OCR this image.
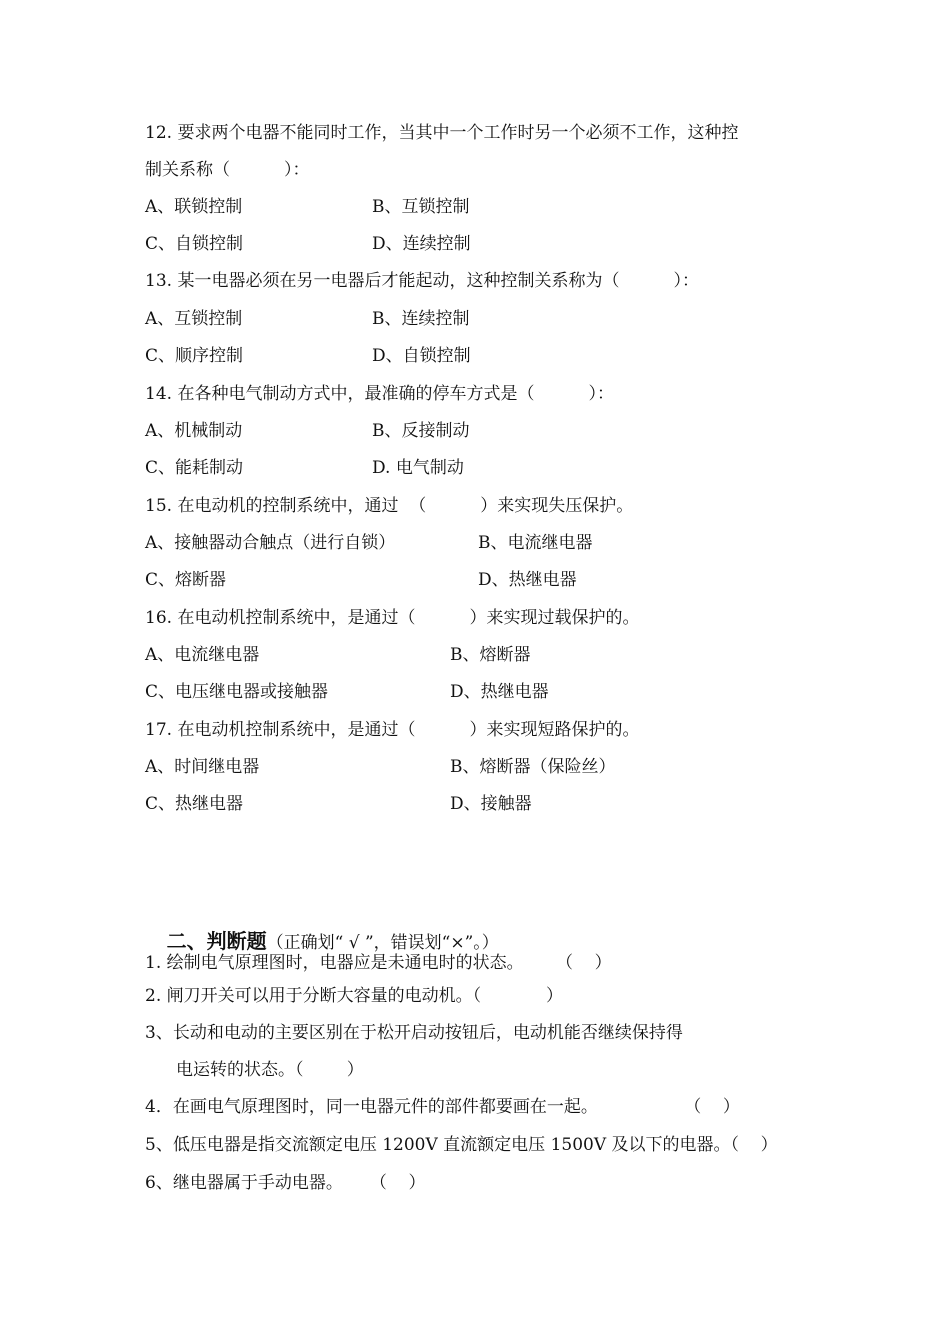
12. 要求两个电器不能同时工作，当其中一个工作时另一个必须不工作，这种控
制关系称（          ）：
A、联锁控制	B、互锁控制
C、自锁控制	D、连续控制
13. 某一电器必须在另一电器后才能起动，这种控制关系称为（          ）：
A、互锁控制	B、连续控制
C、顺序控制	D、自锁控制
14. 在各种电气制动方式中，最准确的停车方式是（          ）：
A、机械制动	B、反接制动
C、能耗制动	D. 电气制动
15. 在电动机的控制系统中，通过  （          ）来实现失压保护。
A、接触器动合触点（进行自锁）	B、电流继电器
C、熔断器	D、热继电器
16. 在电动机控制系统中，是通过（          ）来实现过载保护的。
A、电流继电器	B、熔断器
C、电压继电器或接触器	D、热继电器
17. 在电动机控制系统中，是通过（          ）来实现短路保护的。
A、时间继电器	B、熔断器（保险丝）
C、热继电器	D、接触器

二、判断题（正确划“ √ ”，错误划“×”。）

1. 绘制电气原理图时，电器应是未通电时的状态。      （    ）
2. 闸刀开关可以用于分断大容量的电动机。（            ）
3、长动和电动的主要区别在于松开启动按钮后，电动机能否继续保持得
电运转的状态。（        ）
4．在画电气原理图时，同一电器元件的部件都要画在一起。                （    ）
5、低压电器是指交流额定电压 1200V 直流额定电压 1500V 及以下的电器。（    ）
6、继电器属于手动电器。     （    ）
